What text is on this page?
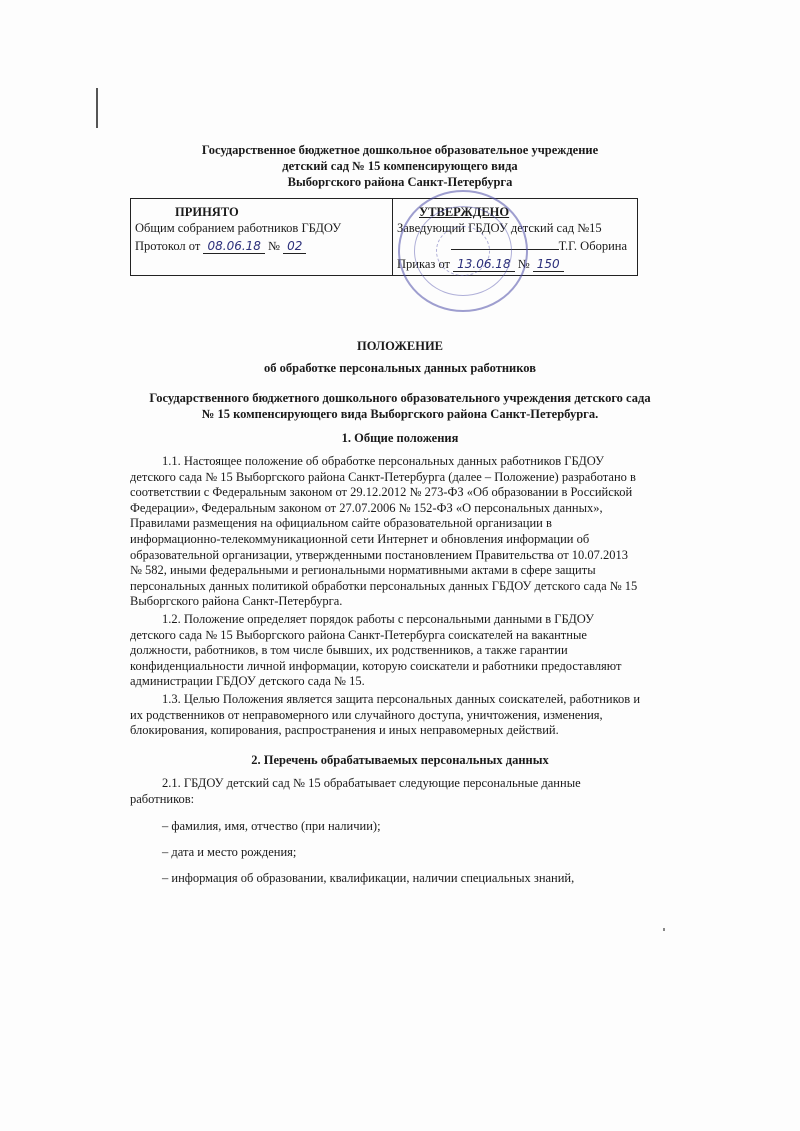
Государственное бюджетное дошкольное образовательное учреждение
детский сад № 15 компенсирующего вида
Выборгского района Санкт-Петербурга
ПРИНЯТО
Общим собранием работников ГБДОУ
Протокол от 08.06.18 № 02
УТВЕРЖДЕНО
Заведующий ГБДОУ детский сад №15
Т.Г. Оборина
Приказ от 13.06.18 № 150
ПОЛОЖЕНИЕ
об обработке персональных данных работников
Государственного бюджетного дошкольного образовательного учреждения детского сада
№ 15 компенсирующего вида Выборгского района Санкт-Петербурга.
1. Общие положения
1.1. Настоящее положение об обработке персональных данных работников ГБДОУ детского сада № 15 Выборгского района Санкт-Петербурга (далее – Положение) разработано в соответствии с Федеральным законом от 29.12.2012 № 273-ФЗ «Об образовании в Российской Федерации», Федеральным законом от 27.07.2006 № 152-ФЗ «О персональных данных», Правилами размещения на официальном сайте образовательной организации в информационно-телекоммуникационной сети Интернет и обновления информации об образовательной организации, утвержденными постановлением Правительства от 10.07.2013 № 582, иными федеральными и региональными нормативными актами в сфере защиты персональных данных политикой обработки персональных данных ГБДОУ детского сада № 15 Выборгского района Санкт-Петербурга.
1.2. Положение определяет порядок работы с персональными данными в ГБДОУ детского сада № 15 Выборгского района Санкт-Петербурга соискателей на вакантные должности, работников, в том числе бывших, их родственников, а также гарантии конфиденциальности личной информации, которую соискатели и работники предоставляют администрации ГБДОУ детского сада № 15.
1.3. Целью Положения является защита персональных данных соискателей, работников и их родственников от неправомерного или случайного доступа, уничтожения, изменения, блокирования, копирования, распространения и иных неправомерных действий.
2. Перечень обрабатываемых персональных данных
2.1. ГБДОУ детский сад № 15 обрабатывает следующие персональные данные работников:
– фамилия, имя, отчество (при наличии);
– дата и место рождения;
– информация об образовании, квалификации, наличии специальных знаний,
